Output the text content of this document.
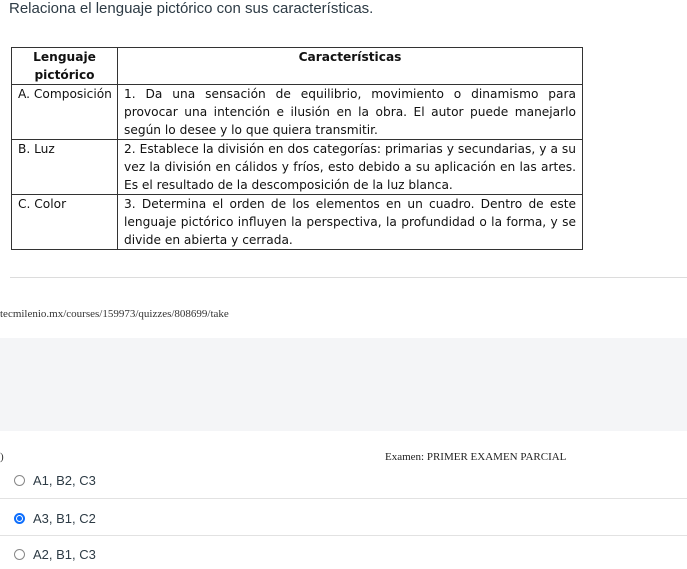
Relaciona el lenguaje pictórico con sus características.
Lenguaje
pictórico	Características
A. Composición	1. Da una sensación de equilibrio, movimiento o dinamismo para provocar una intención e ilusión en la obra. El autor puede manejarlo según lo desee y lo que quiera transmitir.
B. Luz	2. Establece la división en dos categorías: primarias y secundarias, y a su vez la división en cálidos y fríos, esto debido a su aplicación en las artes. Es el resultado de la descomposición de la luz blanca.
C. Color	3. Determina el orden de los elementos en un cuadro. Dentro de este lenguaje pictórico influyen la perspectiva, la profundidad o la forma, y se divide en abierta y cerrada.
tecmilenio.mx/courses/159973/quizzes/808699/take
)	Examen: PRIMER EXAMEN PARCIAL
A1, B2, C3
A3, B1, C2
A2, B1, C3
